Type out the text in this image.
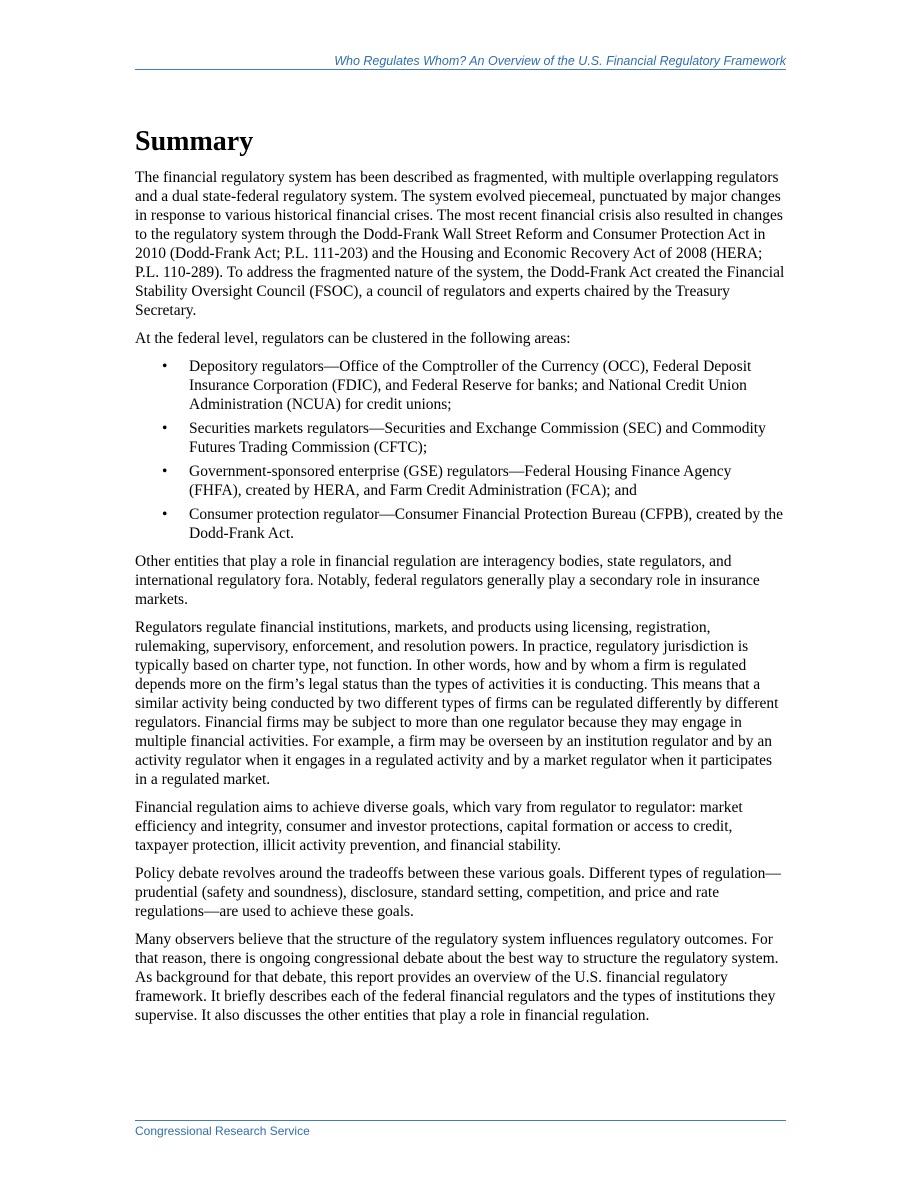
Who Regulates Whom? An Overview of the U.S. Financial Regulatory Framework
Summary

The financial regulatory system has been described as fragmented, with multiple overlapping regulators and a dual state-federal regulatory system. The system evolved piecemeal, punctuated by major changes in response to various historical financial crises. The most recent financial crisis also resulted in changes to the regulatory system through the Dodd-Frank Wall Street Reform and Consumer Protection Act in 2010 (Dodd-Frank Act; P.L. 111-203) and the Housing and Economic Recovery Act of 2008 (HERA; P.L. 110-289). To address the fragmented nature of the system, the Dodd-Frank Act created the Financial Stability Oversight Council (FSOC), a council of regulators and experts chaired by the Treasury Secretary.

At the federal level, regulators can be clustered in the following areas:

• Depository regulators—Office of the Comptroller of the Currency (OCC), Federal Deposit Insurance Corporation (FDIC), and Federal Reserve for banks; and National Credit Union Administration (NCUA) for credit unions;
• Securities markets regulators—Securities and Exchange Commission (SEC) and Commodity Futures Trading Commission (CFTC);
• Government-sponsored enterprise (GSE) regulators—Federal Housing Finance Agency (FHFA), created by HERA, and Farm Credit Administration (FCA); and
• Consumer protection regulator—Consumer Financial Protection Bureau (CFPB), created by the Dodd-Frank Act.

Other entities that play a role in financial regulation are interagency bodies, state regulators, and international regulatory fora. Notably, federal regulators generally play a secondary role in insurance markets.

Regulators regulate financial institutions, markets, and products using licensing, registration, rulemaking, supervisory, enforcement, and resolution powers. In practice, regulatory jurisdiction is typically based on charter type, not function. In other words, how and by whom a firm is regulated depends more on the firm’s legal status than the types of activities it is conducting. This means that a similar activity being conducted by two different types of firms can be regulated differently by different regulators. Financial firms may be subject to more than one regulator because they may engage in multiple financial activities. For example, a firm may be overseen by an institution regulator and by an activity regulator when it engages in a regulated activity and by a market regulator when it participates in a regulated market.

Financial regulation aims to achieve diverse goals, which vary from regulator to regulator: market efficiency and integrity, consumer and investor protections, capital formation or access to credit, taxpayer protection, illicit activity prevention, and financial stability.

Policy debate revolves around the tradeoffs between these various goals. Different types of regulation—prudential (safety and soundness), disclosure, standard setting, competition, and price and rate regulations—are used to achieve these goals.

Many observers believe that the structure of the regulatory system influences regulatory outcomes. For that reason, there is ongoing congressional debate about the best way to structure the regulatory system. As background for that debate, this report provides an overview of the U.S. financial regulatory framework. It briefly describes each of the federal financial regulators and the types of institutions they supervise. It also discusses the other entities that play a role in financial regulation.

Congressional Research Service
